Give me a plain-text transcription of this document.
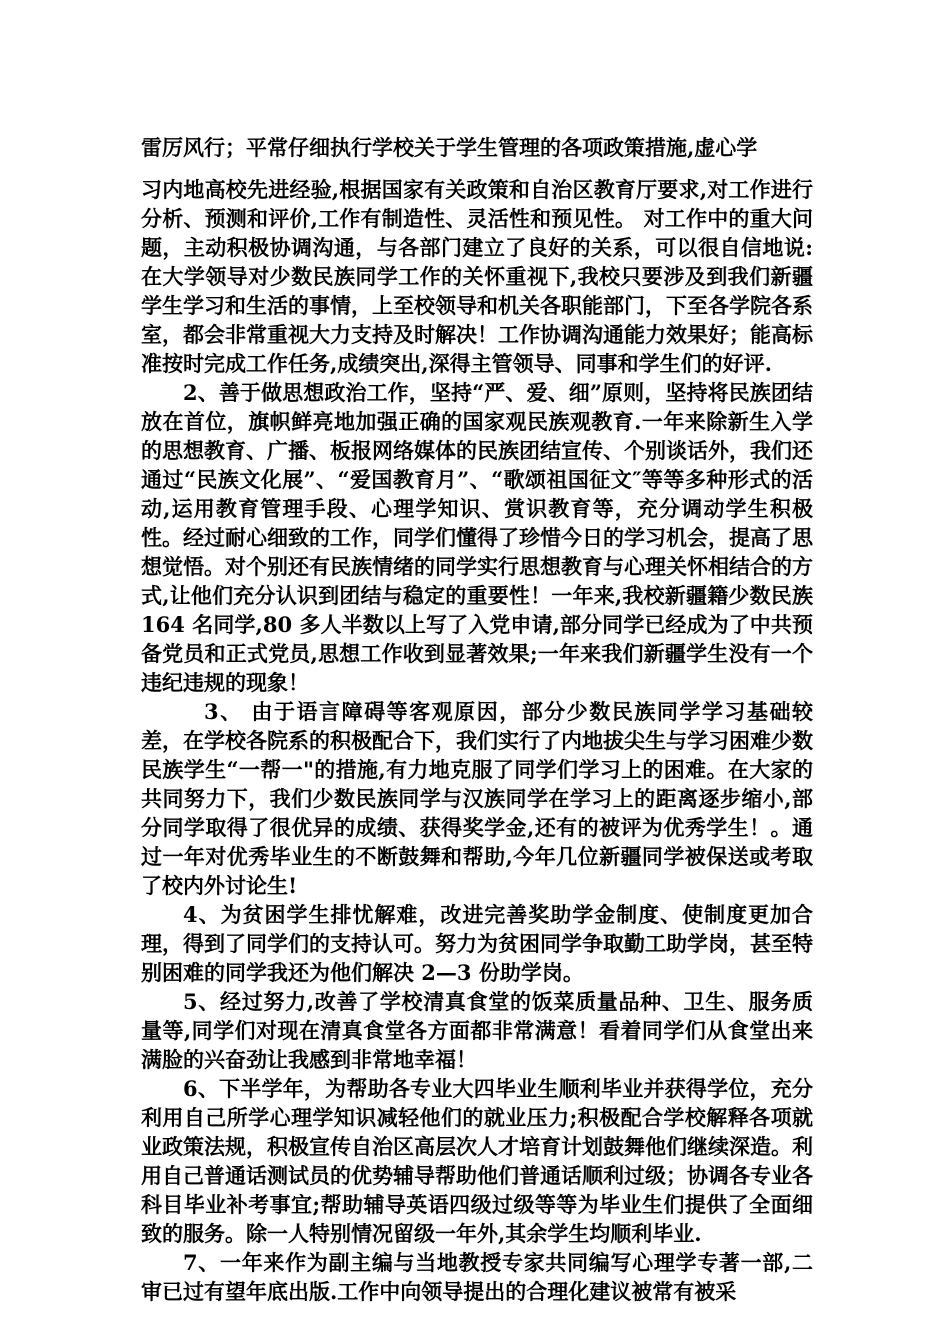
雷厉风行；平常仔细执行学校关于学生管理的各项政策措施,虚心学

习内地高校先进经验,根据国家有关政策和自治区教育厅要求,对工作进行分析、预测和评价,工作有制造性、灵活性和预见性。 对工作中的重大问题，主动积极协调沟通，与各部门建立了良好的关系，可以很自信地说:在大学领导对少数民族同学工作的关怀重视下,我校只要涉及到我们新疆学生学习和生活的事情，上至校领导和机关各职能部门，下至各学院各系室，都会非常重视大力支持及时解决！工作协调沟通能力效果好；能高标准按时完成工作任务,成绩突出,深得主管领导、同事和学生们的好评.

2、善于做思想政治工作，坚持“严、爱、细”原则，坚持将民族团结放在首位，旗帜鲜亮地加强正确的国家观民族观教育.一年来除新生入学的思想教育、广播、板报网络媒体的民族团结宣传、个别谈话外，我们还通过“民族文化展”、“爱国教育月”、“歌颂祖国征文″等等多种形式的活动,运用教育管理手段、心理学知识、赏识教育等，充分调动学生积极性。经过耐心细致的工作，同学们懂得了珍惜今日的学习机会，提高了思想觉悟。对个别还有民族情绪的同学实行思想教育与心理关怀相结合的方式,让他们充分认识到团结与稳定的重要性！一年来,我校新疆籍少数民族 164 名同学,80 多人半数以上写了入党申请,部分同学已经成为了中共预备党员和正式党员,思想工作收到显著效果;一年来我们新疆学生没有一个违纪违规的现象！

3、 由于语言障碍等客观原因，部分少数民族同学学习基础较差，在学校各院系的积极配合下，我们实行了内地拔尖生与学习困难少数民族学生“一帮一"的措施,有力地克服了同学们学习上的困难。在大家的共同努力下，我们少数民族同学与汉族同学在学习上的距离逐步缩小,部分同学取得了很优异的成绩、获得奖学金,还有的被评为优秀学生！。通过一年对优秀毕业生的不断鼓舞和帮助,今年几位新疆同学被保送或考取了校内外讨论生!

4、为贫困学生排忧解难，改进完善奖助学金制度、使制度更加合理，得到了同学们的支持认可。努力为贫困同学争取勤工助学岗，甚至特别困难的同学我还为他们解决 2—3 份助学岗。

5、经过努力,改善了学校清真食堂的饭菜质量品种、卫生、服务质量等,同学们对现在清真食堂各方面都非常满意！看着同学们从食堂出来满脸的兴奋劲让我感到非常地幸福！

6、下半学年，为帮助各专业大四毕业生顺利毕业并获得学位，充分利用自己所学心理学知识减轻他们的就业压力;积极配合学校解释各项就业政策法规，积极宣传自治区高层次人才培育计划鼓舞他们继续深造。利用自己普通话测试员的优势辅导帮助他们普通话顺利过级；协调各专业各科目毕业补考事宜;帮助辅导英语四级过级等等为毕业生们提供了全面细致的服务。除一人特别情况留级一年外,其余学生均顺利毕业.

7、一年来作为副主编与当地教授专家共同编写心理学专著一部,二审已过有望年底出版.工作中向领导提出的合理化建议被常有被采
